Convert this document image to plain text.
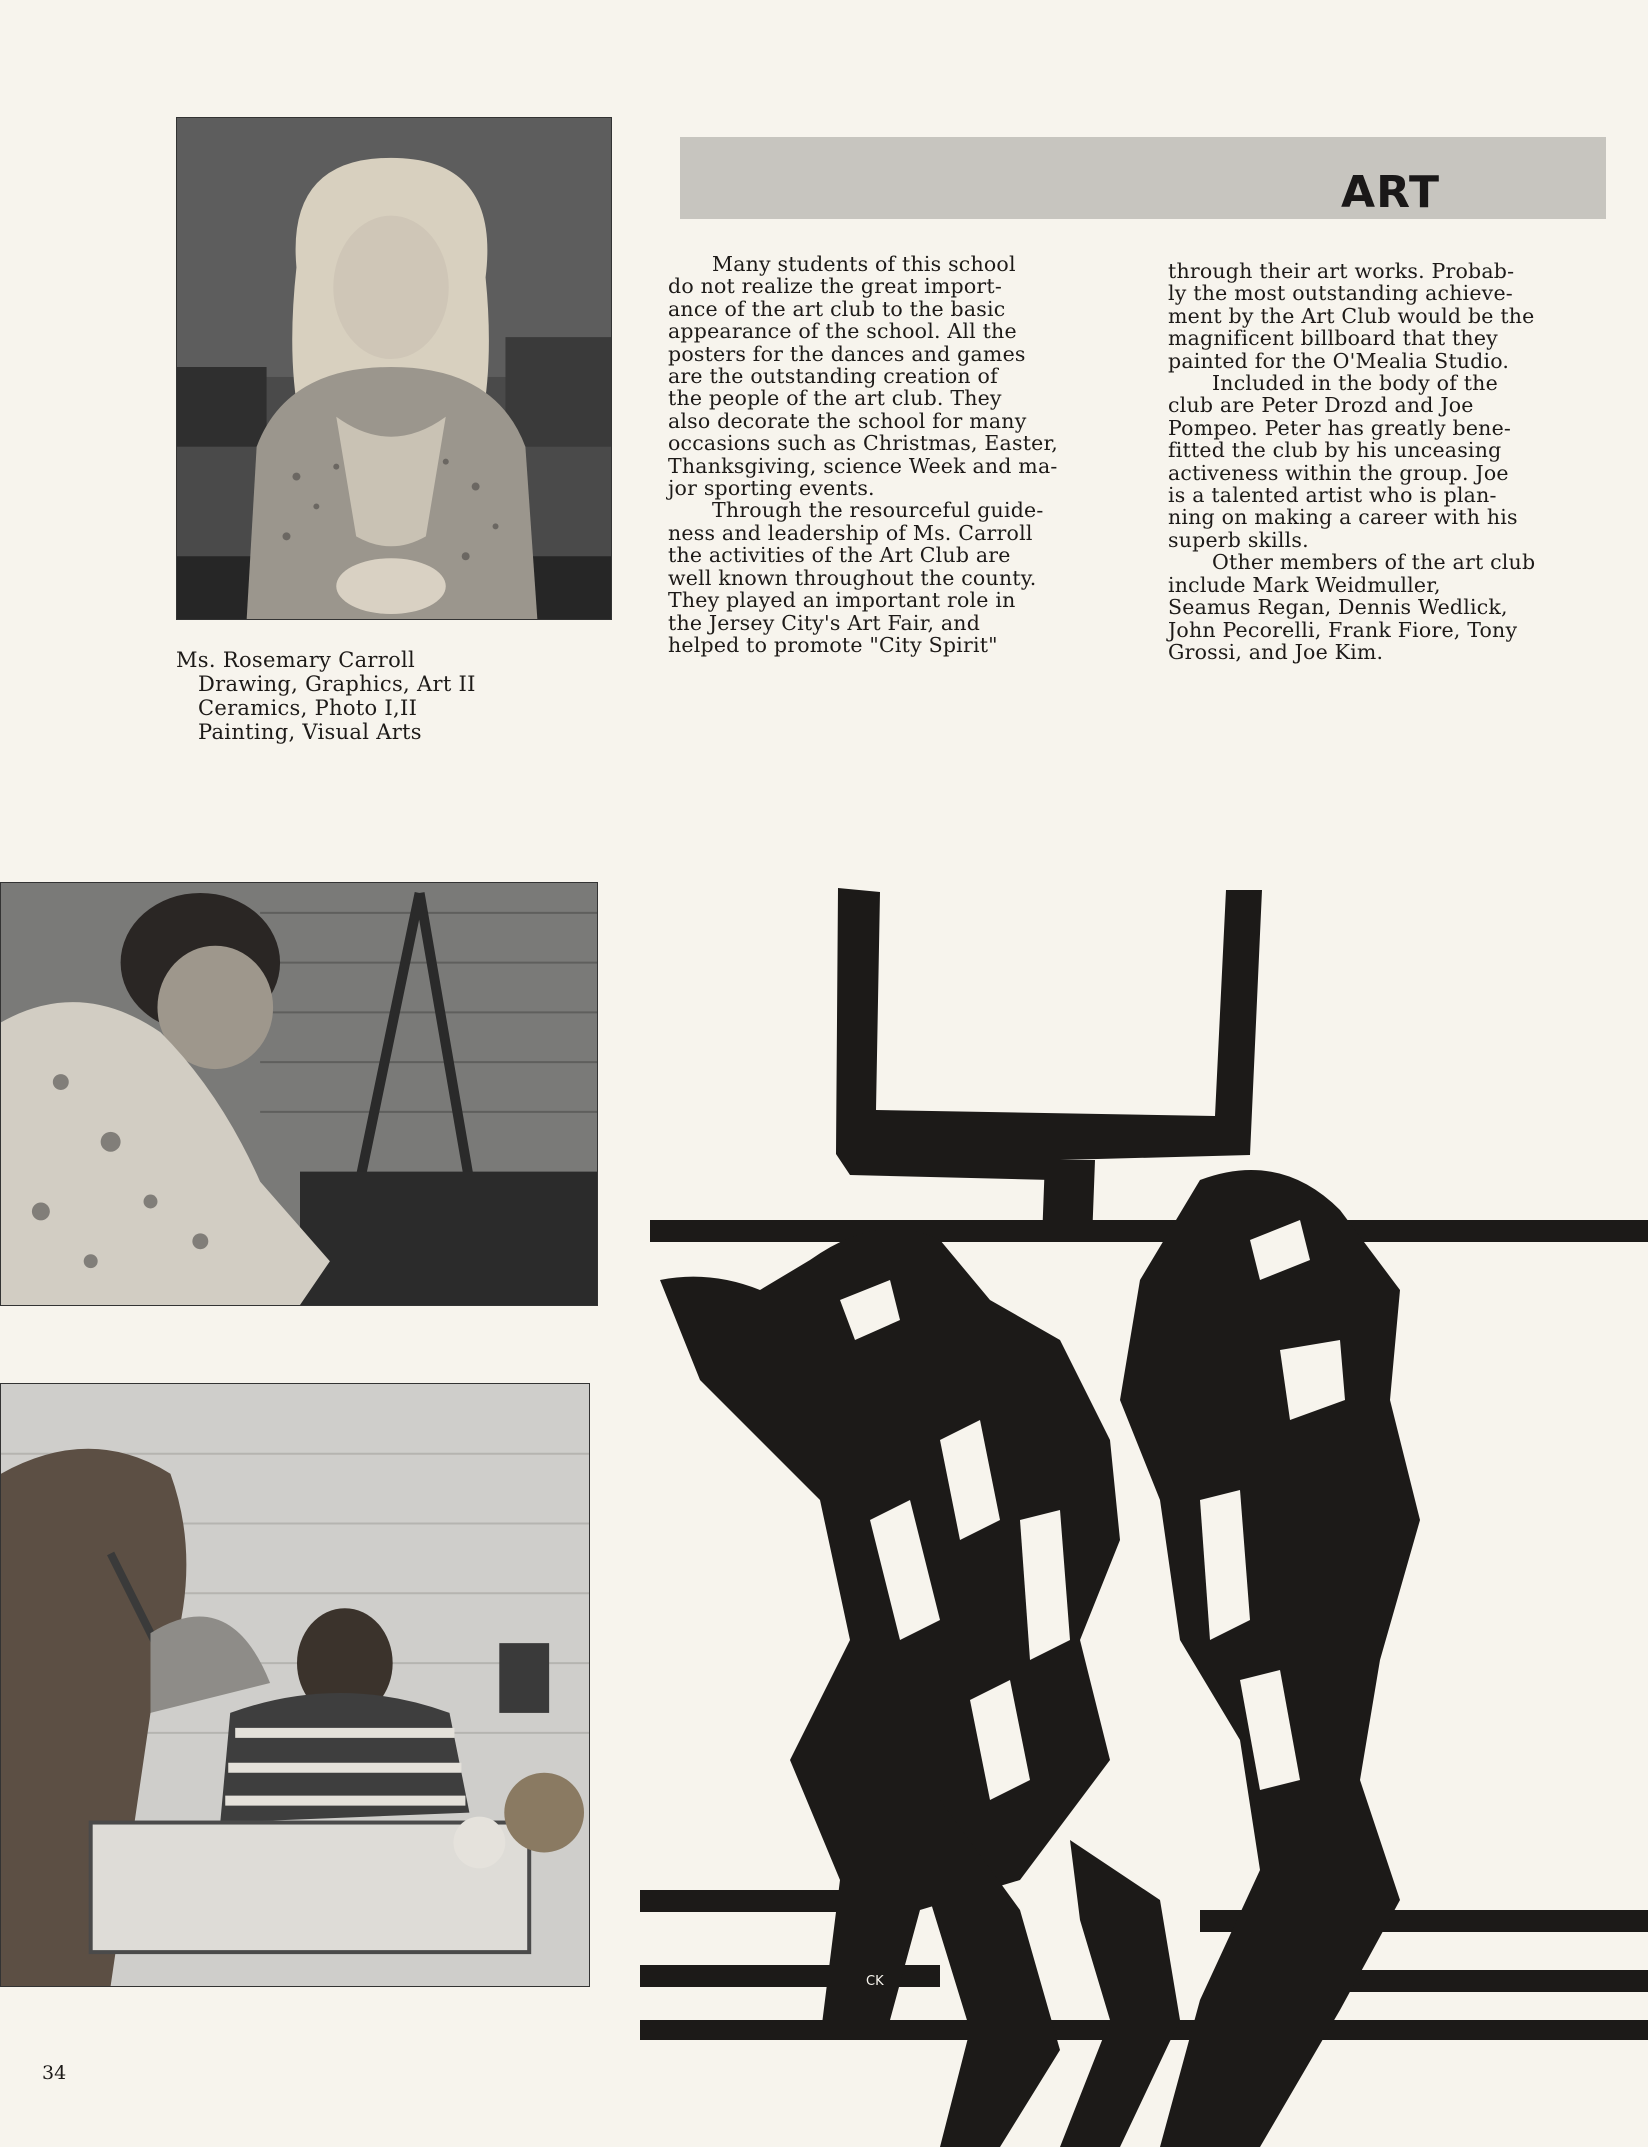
Ms. Rosemary Carroll
Drawing, Graphics, Art II
Ceramics, Photo I,II
Painting, Visual Arts
ART
Many students of this school
do not realize the great import-
ance of the art club to the basic
appearance of the school. All the
posters for the dances and games
are the outstanding creation of
the people of the art club. They
also decorate the school for many
occasions such as Christmas, Easter,
Thanksgiving, science Week and ma-
jor sporting events.
Through the resourceful guide-
ness and leadership of Ms. Carroll
the activities of the Art Club are
well known throughout the county.
They played an important role in
the Jersey City's Art Fair, and
helped to promote "City Spirit"
through their art works. Probab-
ly the most outstanding achieve-
ment by the Art Club would be the
magnificent billboard that they
painted for the O'Mealia Studio.
Included in the body of the
club are Peter Drozd and Joe
Pompeo. Peter has greatly bene-
fitted the club by his unceasing
activeness within the group. Joe
is a talented artist who is plan-
ning on making a career with his
superb skills.
Other members of the art club
include Mark Weidmuller,
Seamus Regan, Dennis Wedlick,
John Pecorelli, Frank Fiore, Tony
Grossi, and Joe Kim.
CK
34
